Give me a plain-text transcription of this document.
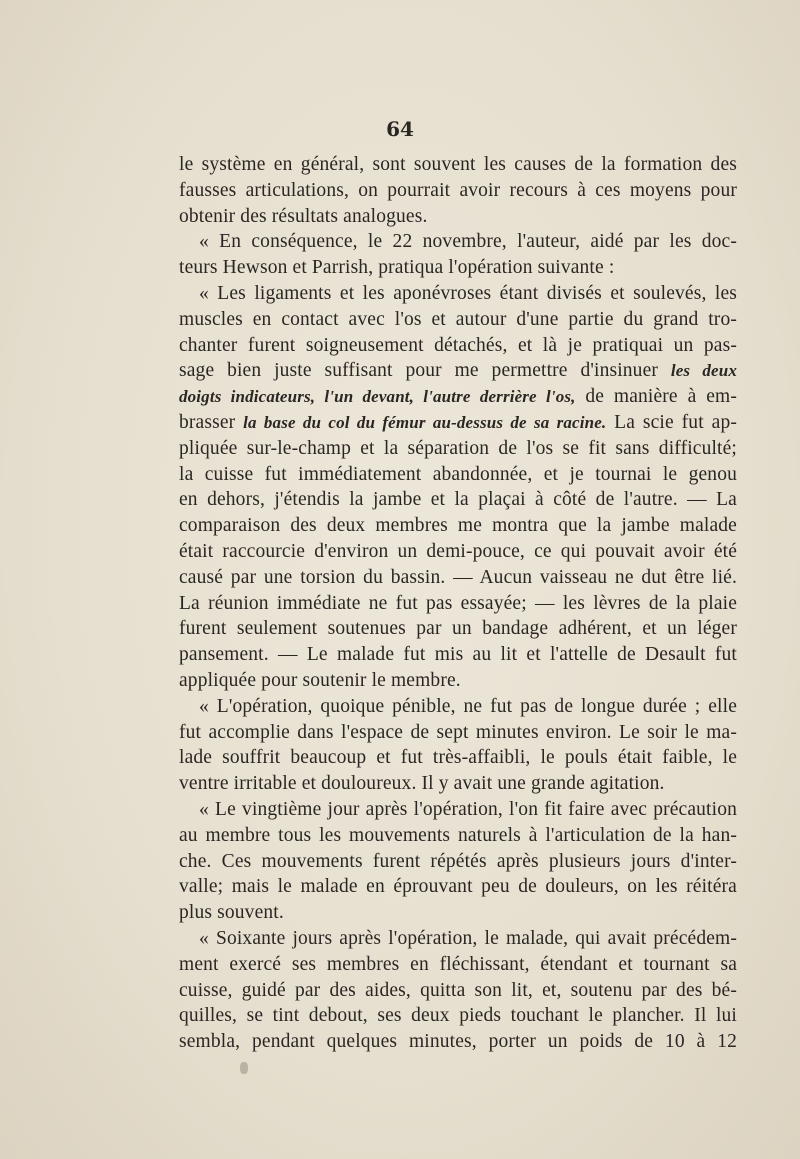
64
le système en général, sont souvent les causes de la formation des
fausses articulations, on pourrait avoir recours à ces moyens pour
obtenir des résultats analogues.
« En conséquence, le 22 novembre, l'auteur, aidé par les doc-
teurs Hewson et Parrish, pratiqua l'opération suivante :
« Les ligaments et les aponévroses étant divisés et soulevés, les
muscles en contact avec l'os et autour d'une partie du grand tro-
chanter furent soigneusement détachés, et là je pratiquai un pas-
sage bien juste suffisant pour me permettre d'insinuer les deux
doigts indicateurs, l'un devant, l'autre derrière l'os, de manière à em-
brasser la base du col du fémur au-dessus de sa racine. La scie fut ap-
pliquée sur-le-champ et la séparation de l'os se fit sans difficulté;
la cuisse fut immédiatement abandonnée, et je tournai le genou
en dehors, j'étendis la jambe et la plaçai à côté de l'autre. — La
comparaison des deux membres me montra que la jambe malade
était raccourcie d'environ un demi-pouce, ce qui pouvait avoir été
causé par une torsion du bassin. — Aucun vaisseau ne dut être lié.
La réunion immédiate ne fut pas essayée; — les lèvres de la plaie
furent seulement soutenues par un bandage adhérent, et un léger
pansement. — Le malade fut mis au lit et l'attelle de Desault fut
appliquée pour soutenir le membre.
« L'opération, quoique pénible, ne fut pas de longue durée ; elle
fut accomplie dans l'espace de sept minutes environ. Le soir le ma-
lade souffrit beaucoup et fut très-affaibli, le pouls était faible, le
ventre irritable et douloureux. Il y avait une grande agitation.
« Le vingtième jour après l'opération, l'on fit faire avec précaution
au membre tous les mouvements naturels à l'articulation de la han-
che. Ces mouvements furent répétés après plusieurs jours d'inter-
valle; mais le malade en éprouvant peu de douleurs, on les réitéra
plus souvent.
« Soixante jours après l'opération, le malade, qui avait précédem-
ment exercé ses membres en fléchissant, étendant et tournant sa
cuisse, guidé par des aides, quitta son lit, et, soutenu par des bé-
quilles, se tint debout, ses deux pieds touchant le plancher. Il lui
sembla, pendant quelques minutes, porter un poids de 10 à 12
